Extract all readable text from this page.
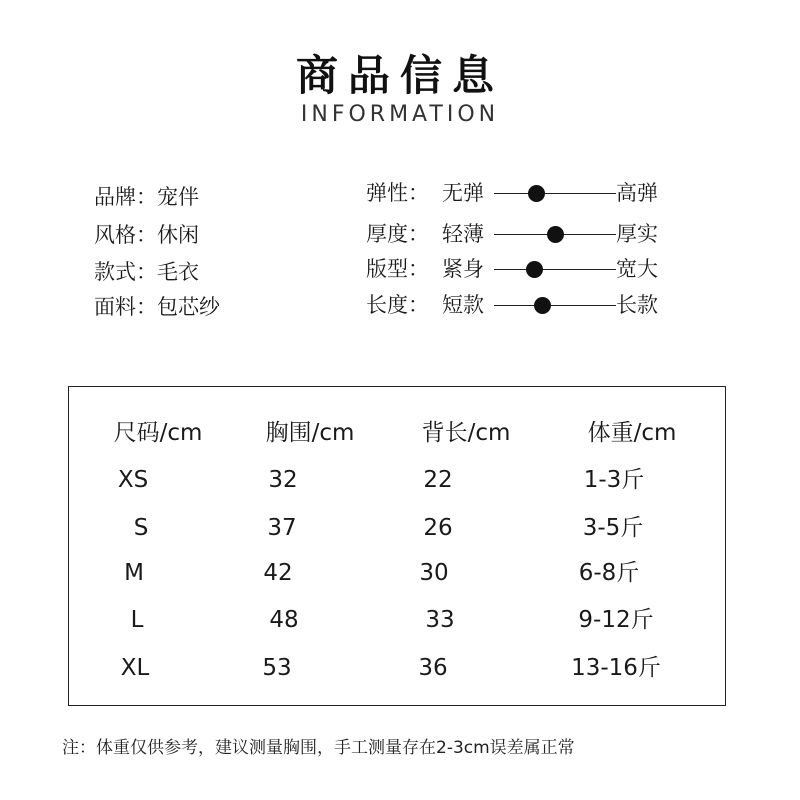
商品信息
INFORMATION
品牌：宠伴
风格：休闲
款式：毛衣
面料：包芯纱
弹性： 无弹	高弹
厚度： 轻薄	厚实
版型： 紧身	宽大
长度： 短款	长款
尺码/cm	胸围/cm	背长/cm	体重/cm
XS	32	22	1-3斤
S	37	26	3-5斤
M	42	30	6-8斤
L	48	33	9-12斤
XL	53	36	13-16斤
注：体重仅供参考，建议测量胸围，手工测量存在2-3cm误差属正常
